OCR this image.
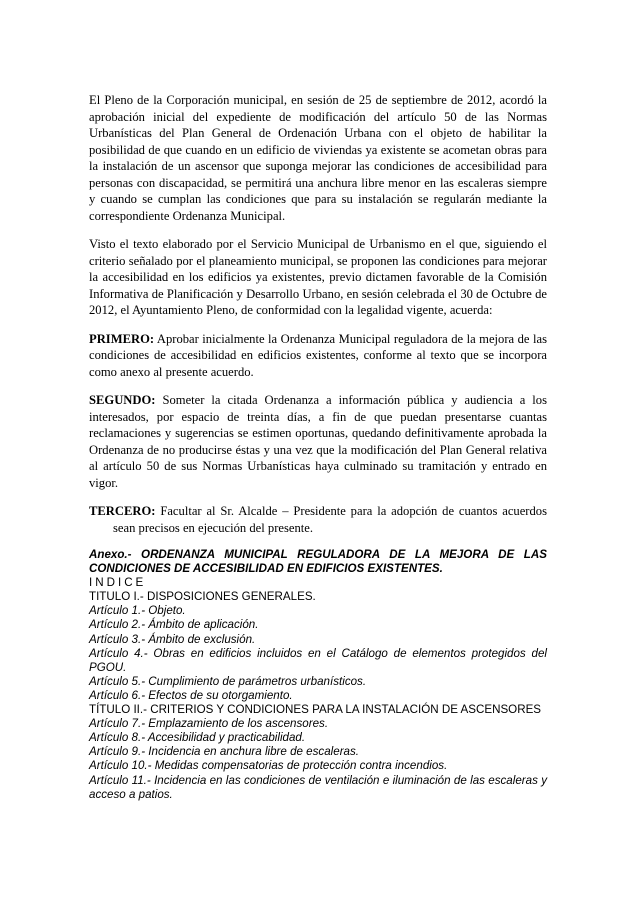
El Pleno de la Corporación municipal, en sesión de 25 de septiembre de 2012, acordó la aprobación inicial del expediente de modificación del artículo 50 de las Normas Urbanísticas del Plan General de Ordenación Urbana con el objeto de habilitar la posibilidad de que cuando en un edificio de viviendas ya existente se acometan obras para la instalación de un ascensor que suponga mejorar las condiciones de accesibilidad para personas con discapacidad, se permitirá una anchura libre menor en las escaleras siempre y cuando se cumplan las condiciones que para su instalación se regularán mediante la correspondiente Ordenanza Municipal.

Visto el texto elaborado por el Servicio Municipal de Urbanismo en el que, siguiendo el criterio señalado por el planeamiento municipal, se proponen las condiciones para mejorar la accesibilidad en los edificios ya existentes, previo dictamen favorable de la Comisión Informativa de Planificación y Desarrollo Urbano, en sesión celebrada el 30 de Octubre de 2012, el Ayuntamiento Pleno, de conformidad con la legalidad vigente, acuerda:

PRIMERO: Aprobar inicialmente la Ordenanza Municipal reguladora de la mejora de las condiciones de accesibilidad en edificios existentes, conforme al texto que se incorpora como anexo al presente acuerdo.

SEGUNDO: Someter la citada Ordenanza a información pública y audiencia a los interesados, por espacio de treinta días, a fin de que puedan presentarse cuantas reclamaciones y sugerencias se estimen oportunas, quedando definitivamente aprobada la Ordenanza de no producirse éstas y una vez que la modificación del Plan General relativa al artículo 50 de sus Normas Urbanísticas haya culminado su tramitación y entrado en vigor.

TERCERO: Facultar al Sr. Alcalde – Presidente para la adopción de cuantos acuerdos sean precisos en ejecución del presente.

Anexo.- ORDENANZA MUNICIPAL REGULADORA DE LA MEJORA DE LAS CONDICIONES DE ACCESIBILIDAD EN EDIFICIOS EXISTENTES.

INDICE

TITULO I.- DISPOSICIONES GENERALES.

Artículo 1.- Objeto.

Artículo 2.- Ámbito de aplicación.

Artículo 3.- Ámbito de exclusión.

Artículo 4.- Obras en edificios incluidos en el Catálogo de elementos protegidos del PGOU.

Artículo 5.- Cumplimiento de parámetros urbanísticos.

Artículo 6.- Efectos de su otorgamiento.

TÍTULO II.- CRITERIOS Y CONDICIONES PARA LA INSTALACIÓN DE ASCENSORES

Artículo 7.- Emplazamiento de los ascensores.

Artículo 8.- Accesibilidad y practicabilidad.

Artículo 9.- Incidencia en anchura libre de escaleras.

Artículo 10.- Medidas compensatorias de protección contra incendios.

Artículo 11.- Incidencia en las condiciones de ventilación e iluminación de las escaleras y acceso a patios.
